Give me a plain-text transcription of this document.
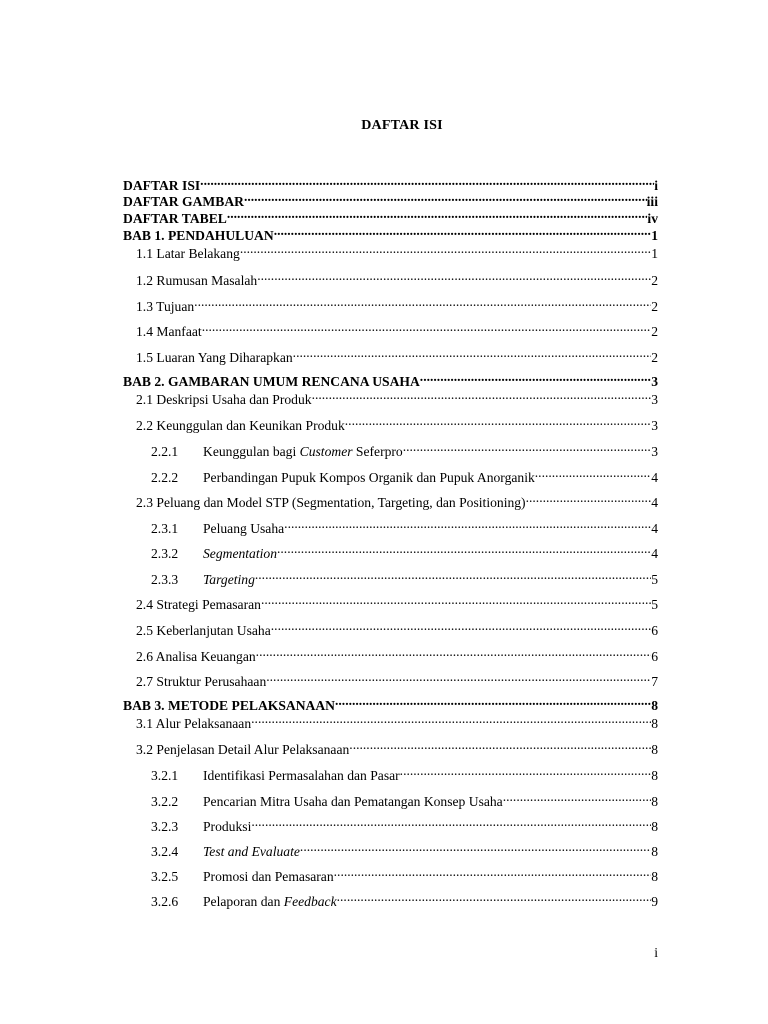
DAFTAR ISI
DAFTAR ISI .....	i
DAFTAR GAMBAR .....	iii
DAFTAR TABEL .....	iv
BAB 1. PENDAHULUAN .....	1
1.1 Latar Belakang .....	1
1.2 Rumusan Masalah .....	2
1.3 Tujuan .....	2
1.4 Manfaat .....	2
1.5 Luaran Yang Diharapkan .....	2
BAB 2. GAMBARAN UMUM RENCANA USAHA .....	3
2.1 Deskripsi Usaha dan Produk .....	3
2.2 Keunggulan dan Keunikan Produk .....	3
2.2.1	Keunggulan bagi Customer Seferpro .....	3
2.2.2	Perbandingan Pupuk Kompos Organik dan Pupuk Anorganik .....	4
2.3 Peluang dan Model STP (Segmentation, Targeting, dan Positioning) .....	4
2.3.1	Peluang Usaha .....	4
2.3.2	Segmentation .....	4
2.3.3	Targeting .....	5
2.4 Strategi Pemasaran .....	5
2.5 Keberlanjutan Usaha .....	6
2.6 Analisa Keuangan .....	6
2.7 Struktur Perusahaan .....	7
BAB 3. METODE PELAKSANAAN .....	8
3.1 Alur Pelaksanaan .....	8
3.2 Penjelasan Detail Alur Pelaksanaan .....	8
3.2.1	Identifikasi Permasalahan dan Pasar .....	8
3.2.2	Pencarian Mitra Usaha dan Pematangan Konsep Usaha .....	8
3.2.3	Produksi .....	8
3.2.4	Test and Evaluate .....	8
3.2.5	Promosi dan Pemasaran .....	8
3.2.6	Pelaporan dan Feedback .....	9
i
